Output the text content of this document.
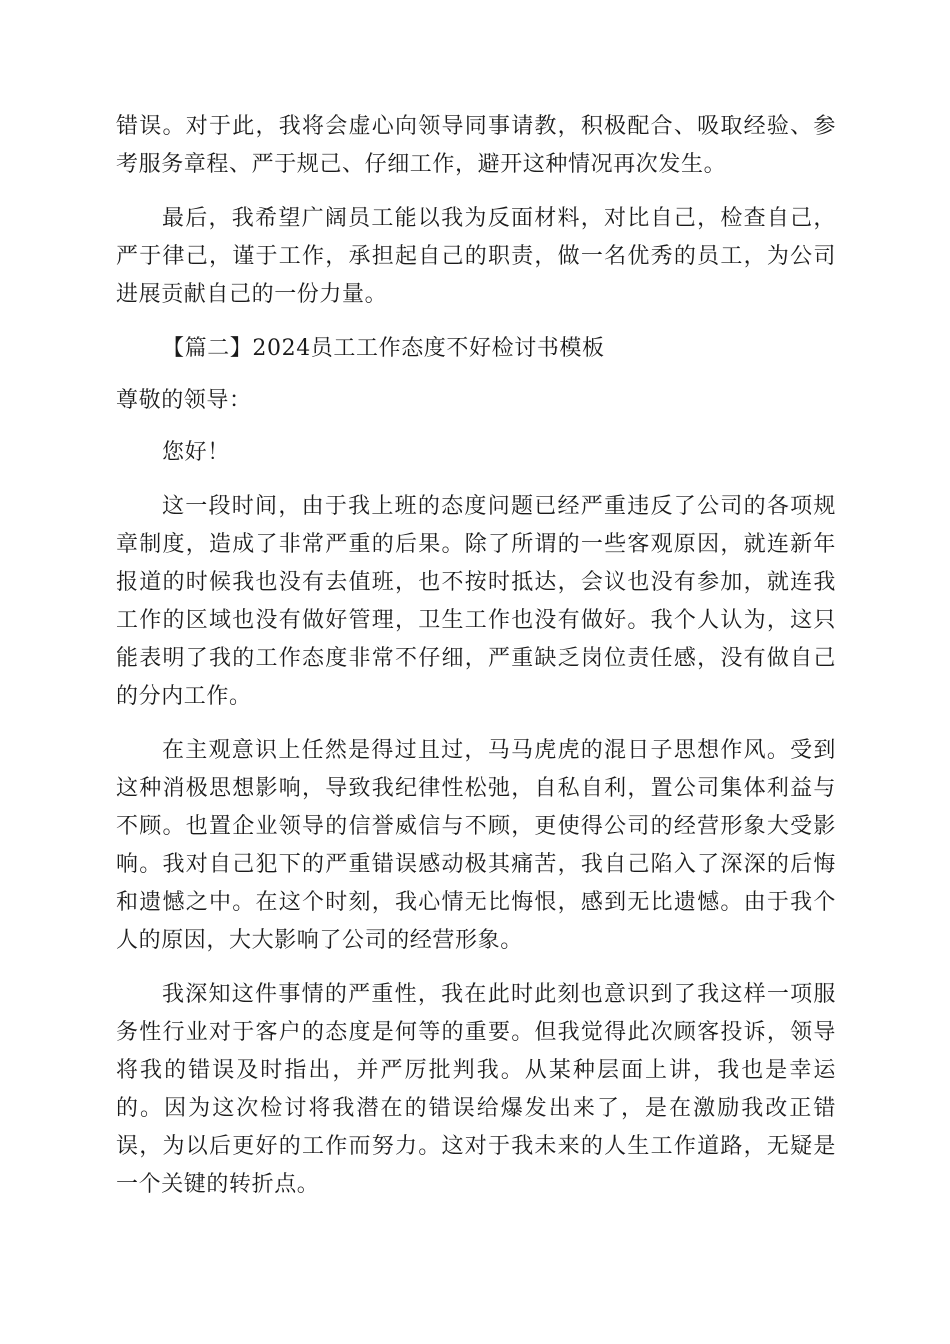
错误。对于此，我将会虚心向领导同事请教，积极配合、吸取经验、参考服务章程、严于规己、仔细工作，避开这种情况再次发生。

最后，我希望广阔员工能以我为反面材料，对比自己，检查自己，严于律己，谨于工作，承担起自己的职责，做一名优秀的员工，为公司进展贡献自己的一份力量。

【篇二】2024员工工作态度不好检讨书模板

尊敬的领导：

您好！

这一段时间，由于我上班的态度问题已经严重违反了公司的各项规章制度，造成了非常严重的后果。除了所谓的一些客观原因，就连新年报道的时候我也没有去值班，也不按时抵达，会议也没有参加，就连我工作的区域也没有做好管理，卫生工作也没有做好。我个人认为，这只能表明了我的工作态度非常不仔细，严重缺乏岗位责任感，没有做自己的分内工作。

在主观意识上任然是得过且过，马马虎虎的混日子思想作风。受到这种消极思想影响，导致我纪律性松弛，自私自利，置公司集体利益与不顾。也置企业领导的信誉威信与不顾，更使得公司的经营形象大受影响。我对自己犯下的严重错误感动极其痛苦，我自己陷入了深深的后悔和遗憾之中。在这个时刻，我心情无比悔恨，感到无比遗憾。由于我个人的原因，大大影响了公司的经营形象。

我深知这件事情的严重性，我在此时此刻也意识到了我这样一项服务性行业对于客户的态度是何等的重要。但我觉得此次顾客投诉，领导将我的错误及时指出，并严厉批判我。从某种层面上讲，我也是幸运的。因为这次检讨将我潜在的错误给爆发出来了，是在激励我改正错误，为以后更好的工作而努力。这对于我未来的人生工作道路，无疑是一个关键的转折点。
